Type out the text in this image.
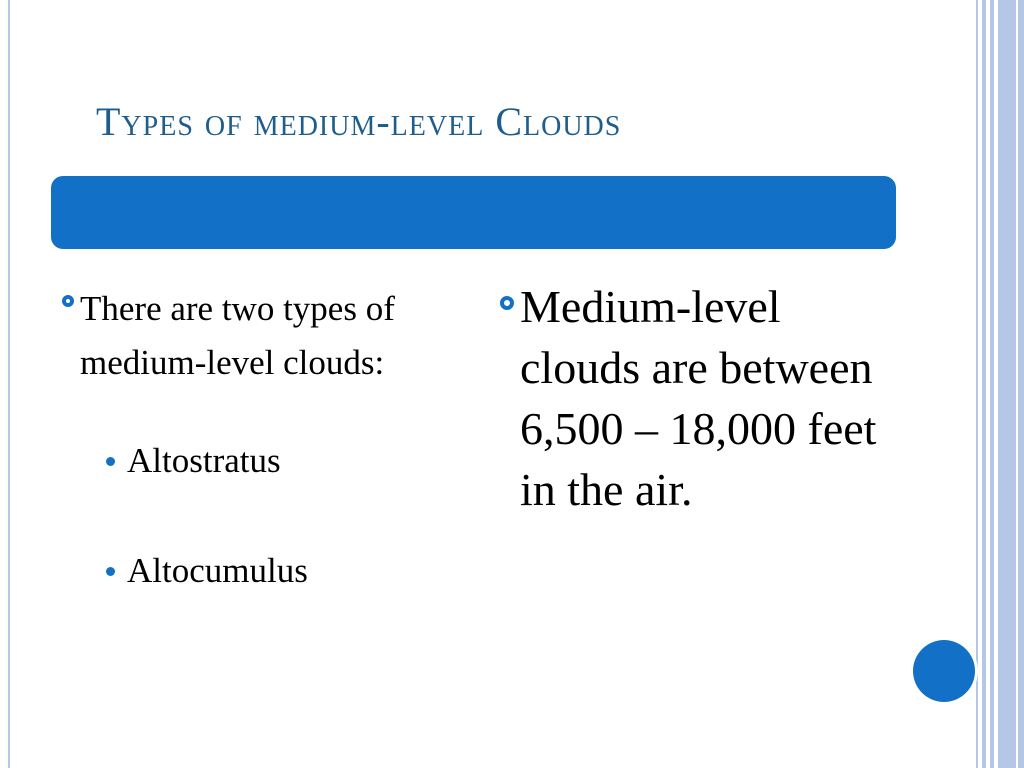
Types of medium-level Clouds
There are two types of medium-level clouds:
Altostratus
Altocumulus
Medium-level clouds are between 6,500 – 18,000 feet in the air.
